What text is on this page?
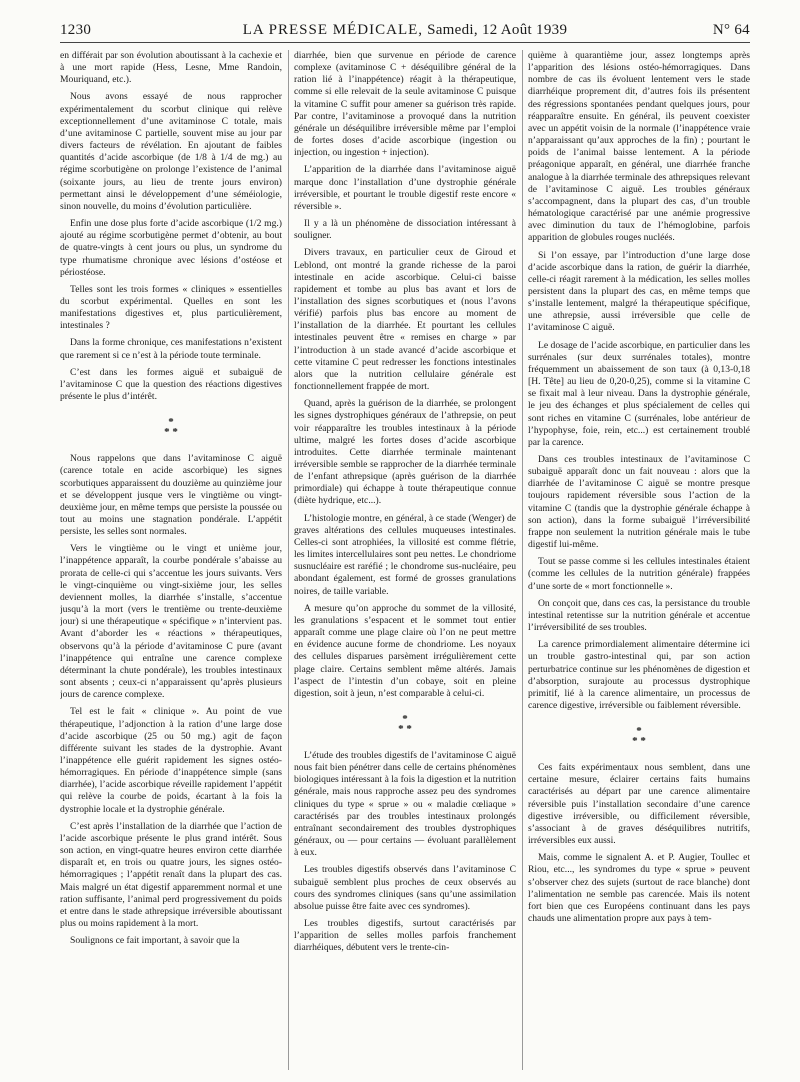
1230	LA PRESSE MÉDICALE, Samedi, 12 Août 1939	N° 64

en différait par son évolution aboutissant à la cachexie et à une mort rapide (Hess, Lesne, Mme Randoin, Mouriquand, etc.).

Nous avons essayé de nous rapprocher expérimentalement du scorbut clinique qui relève exceptionnellement d’une avitaminose C totale, mais d’une avitaminose C partielle, souvent mise au jour par divers facteurs de révélation. En ajoutant de faibles quantités d’acide ascorbique (de 1/8 à 1/4 de mg.) au régime scorbutigène on prolonge l’existence de l’animal (soixante jours, au lieu de trente jours environ) permettant ainsi le développement d’une séméiologie, sinon nouvelle, du moins d’évolution particulière.

Enfin une dose plus forte d’acide ascorbique (1/2 mg.) ajouté au régime scorbutigène permet d’obtenir, au bout de quatre-vingts à cent jours ou plus, un syndrome du type rhumatisme chronique avec lésions d’ostéose et périostéose.

Telles sont les trois formes « cliniques » essentielles du scorbut expérimental. Quelles en sont les manifestations digestives et, plus particulièrement, intestinales ?

Dans la forme chronique, ces manifestations n’existent que rarement si ce n’est à la période toute terminale.

C’est dans les formes aiguë et subaiguë de l’avitaminose C que la question des réactions digestives présente le plus d’intérêt.

*
* *

Nous rappelons que dans l’avitaminose C aiguë (carence totale en acide ascorbique) les signes scorbutiques apparaissent du douzième au quinzième jour et se développent jusque vers le vingtième ou vingt-deuxième jour, en même temps que persiste la poussée ou tout au moins une stagnation pondérale. L’appétit persiste, les selles sont normales.

Vers le vingtième ou le vingt et unième jour, l’inappétence apparaît, la courbe pondérale s’abaisse au prorata de celle-ci qui s’accentue les jours suivants. Vers le vingt-cinquième ou vingt-sixième jour, les selles deviennent molles, la diarrhée s’installe, s’accentue jusqu’à la mort (vers le trentième ou trente-deuxième jour) si une thérapeutique « spécifique » n’intervient pas. Avant d’aborder les « réactions » thérapeutiques, observons qu’à la période d’avitaminose C pure (avant l’inappétence qui entraîne une carence complexe déterminant la chute pondérale), les troubles intestinaux sont absents ; ceux-ci n’apparaissent qu’après plusieurs jours de carence complexe.

Tel est le fait « clinique ». Au point de vue thérapeutique, l’adjonction à la ration d’une large dose d’acide ascorbique (25 ou 50 mg.) agit de façon différente suivant les stades de la dystrophie. Avant l’inappétence elle guérit rapidement les signes ostéo-hémorragiques. En période d’inappétence simple (sans diarrhée), l’acide ascorbique réveille rapidement l’appétit qui relève la courbe de poids, écartant à la fois la dystrophie locale et la dystrophie générale.

C’est après l’installation de la diarrhée que l’action de l’acide ascorbique présente le plus grand intérêt. Sous son action, en vingt-quatre heures environ cette diarrhée disparaît et, en trois ou quatre jours, les signes ostéo-hémorragiques ; l’appétit renaît dans la plupart des cas. Mais malgré un état digestif apparemment normal et une ration suffisante, l’animal perd progressivement du poids et entre dans le stade athrepsique irréversible aboutissant plus ou moins rapidement à la mort.

Soulignons ce fait important, à savoir que la

diarrhée, bien que survenue en période de carence complexe (avitaminose C + déséquilibre général de la ration lié à l’inappétence) réagit à la thérapeutique, comme si elle relevait de la seule avitaminose C puisque la vitamine C suffit pour amener sa guérison très rapide. Par contre, l’avitaminose a provoqué dans la nutrition générale un déséquilibre irréversible même par l’emploi de fortes doses d’acide ascorbique (ingestion ou injection, ou ingestion + injection).

L’apparition de la diarrhée dans l’avitaminose aiguë marque donc l’installation d’une dystrophie générale irréversible, et pourtant le trouble digestif reste encore « réversible ».

Il y a là un phénomène de dissociation intéressant à souligner.

Divers travaux, en particulier ceux de Giroud et Leblond, ont montré la grande richesse de la paroi intestinale en acide ascorbique. Celui-ci baisse rapidement et tombe au plus bas avant et lors de l’installation des signes scorbutiques et (nous l’avons vérifié) parfois plus bas encore au moment de l’installation de la diarrhée. Et pourtant les cellules intestinales peuvent être « remises en charge » par l’introduction à un stade avancé d’acide ascorbique et cette vitamine C peut redresser les fonctions intestinales alors que la nutrition cellulaire générale est fonctionnellement frappée de mort.

Quand, après la guérison de la diarrhée, se prolongent les signes dystrophiques généraux de l’athrepsie, on peut voir réapparaître les troubles intestinaux à la période ultime, malgré les fortes doses d’acide ascorbique introduites. Cette diarrhée terminale maintenant irréversible semble se rapprocher de la diarrhée terminale de l’enfant athrepsique (après guérison de la diarrhée primordiale) qui échappe à toute thérapeutique connue (diète hydrique, etc...).

L’histologie montre, en général, à ce stade (Wenger) de graves altérations des cellules muqueuses intestinales. Celles-ci sont atrophiées, la villosité est comme flétrie, les limites intercellulaires sont peu nettes. Le chondriome susnucléaire est raréfié ; le chondrome sus-nucléaire, peu abondant également, est formé de grosses granulations noires, de taille variable.

A mesure qu’on approche du sommet de la villosité, les granulations s’espacent et le sommet tout entier apparaît comme une plage claire où l’on ne peut mettre en évidence aucune forme de chondriome. Les noyaux des cellules disparues parsèment irrégulièrement cette plage claire. Certains semblent même altérés. Jamais l’aspect de l’intestin d’un cobaye, soit en pleine digestion, soit à jeun, n’est comparable à celui-ci.

*
* *

L’étude des troubles digestifs de l’avitaminose C aiguë nous fait bien pénétrer dans celle de certains phénomènes biologiques intéressant à la fois la digestion et la nutrition générale, mais nous rapproche assez peu des syndromes cliniques du type « sprue » ou « maladie cœliaque » caractérisés par des troubles intestinaux prolongés entraînant secondairement des troubles dystrophiques généraux, ou — pour certains — évoluant parallèlement à eux.

Les troubles digestifs observés dans l’avitaminose C subaiguë semblent plus proches de ceux observés au cours des syndromes cliniques (sans qu’une assimilation absolue puisse être faite avec ces syndromes).

Les troubles digestifs, surtout caractérisés par l’apparition de selles molles parfois franchement diarrhéiques, débutent vers le trente-cin-

quième à quarantième jour, assez longtemps après l’apparition des lésions ostéo-hémorragiques. Dans nombre de cas ils évoluent lentement vers le stade diarrhéique proprement dit, d’autres fois ils présentent des régressions spontanées pendant quelques jours, pour réapparaître ensuite. En général, ils peuvent coexister avec un appétit voisin de la normale (l’inappétence vraie n’apparaissant qu’aux approches de la fin) ; pourtant le poids de l’animal baisse lentement. A la période préagonique apparaît, en général, une diarrhée franche analogue à la diarrhée terminale des athrepsiques relevant de l’avitaminose C aiguë. Les troubles généraux s’accompagnent, dans la plupart des cas, d’un trouble hématologique caractérisé par une anémie progressive avec diminution du taux de l’hémoglobine, parfois apparition de globules rouges nucléés.

Si l’on essaye, par l’introduction d’une large dose d’acide ascorbique dans la ration, de guérir la diarrhée, celle-ci réagit rarement à la médication, les selles molles persistent dans la plupart des cas, en même temps que s’installe lentement, malgré la thérapeutique spécifique, une athrepsie, aussi irréversible que celle de l’avitaminose C aiguë.

Le dosage de l’acide ascorbique, en particulier dans les surrénales (sur deux surrénales totales), montre fréquemment un abaissement de son taux (à 0,13-0,18 [H. Tête] au lieu de 0,20-0,25), comme si la vitamine C se fixait mal à leur niveau. Dans la dystrophie générale, le jeu des échanges et plus spécialement de celles qui sont riches en vitamine C (surrénales, lobe antérieur de l’hypophyse, foie, rein, etc...) est certainement troublé par la carence.

Dans ces troubles intestinaux de l’avitaminose C subaiguë apparaît donc un fait nouveau : alors que la diarrhée de l’avitaminose C aiguë se montre presque toujours rapidement réversible sous l’action de la vitamine C (tandis que la dystrophie générale échappe à son action), dans la forme subaiguë l’irréversibilité frappe non seulement la nutrition générale mais le tube digestif lui-même.

Tout se passe comme si les cellules intestinales étaient (comme les cellules de la nutrition générale) frappées d’une sorte de « mort fonctionnelle ».

On conçoit que, dans ces cas, la persistance du trouble intestinal retentisse sur la nutrition générale et accentue l’irréversibilité de ses troubles.

La carence primordialement alimentaire détermine ici un trouble gastro-intestinal qui, par son action perturbatrice continue sur les phénomènes de digestion et d’absorption, surajoute au processus dystrophique primitif, lié à la carence alimentaire, un processus de carence digestive, irréversible ou faiblement réversible.

*
* *

Ces faits expérimentaux nous semblent, dans une certaine mesure, éclairer certains faits humains caractérisés au départ par une carence alimentaire réversible puis l’installation secondaire d’une carence digestive irréversible, ou difficilement réversible, s’associant à de graves déséquilibres nutritifs, irréversibles eux aussi.

Mais, comme le signalent A. et P. Augier, Toullec et Riou, etc..., les syndromes du type « sprue » peuvent s’observer chez des sujets (surtout de race blanche) dont l’alimentation ne semble pas carencée. Mais ils notent fort bien que ces Européens continuant dans les pays chauds une alimentation propre aux pays à tem-
